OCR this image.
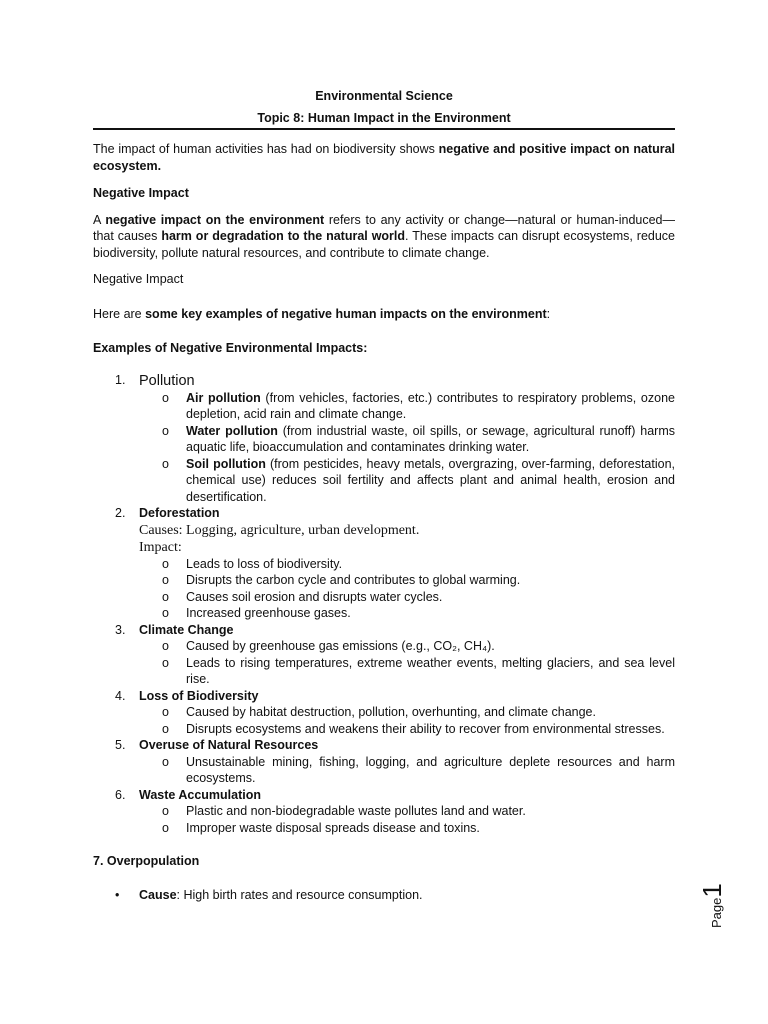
Environmental Science
Topic 8: Human Impact in the Environment

The impact of human activities has had on biodiversity shows negative and positive impact on natural ecosystem.

Negative Impact

A negative impact on the environment refers to any activity or change—natural or human-induced—that causes harm or degradation to the natural world. These impacts can disrupt ecosystems, reduce biodiversity, pollute natural resources, and contribute to climate change.

Negative Impact

Here are some key examples of negative human impacts on the environment:

Examples of Negative Environmental Impacts:

1. Pollution
o Air pollution (from vehicles, factories, etc.) contributes to respiratory problems, ozone depletion, acid rain and climate change.
o Water pollution (from industrial waste, oil spills, or sewage, agricultural runoff) harms aquatic life, bioaccumulation and contaminates drinking water.
o Soil pollution (from pesticides, heavy metals, overgrazing, over-farming, deforestation, chemical use) reduces soil fertility and affects plant and animal health, erosion and desertification.
2. Deforestation
Causes: Logging, agriculture, urban development.
Impact:
o Leads to loss of biodiversity.
o Disrupts the carbon cycle and contributes to global warming.
o Causes soil erosion and disrupts water cycles.
o Increased greenhouse gases.
3. Climate Change
o Caused by greenhouse gas emissions (e.g., CO₂, CH₄).
o Leads to rising temperatures, extreme weather events, melting glaciers, and sea level rise.
4. Loss of Biodiversity
o Caused by habitat destruction, pollution, overhunting, and climate change.
o Disrupts ecosystems and weakens their ability to recover from environmental stresses.
5. Overuse of Natural Resources
o Unsustainable mining, fishing, logging, and agriculture deplete resources and harm ecosystems.
6. Waste Accumulation
o Plastic and non-biodegradable waste pollutes land and water.
o Improper waste disposal spreads disease and toxins.

7. Overpopulation

• Cause: High birth rates and resource consumption.
Page1
